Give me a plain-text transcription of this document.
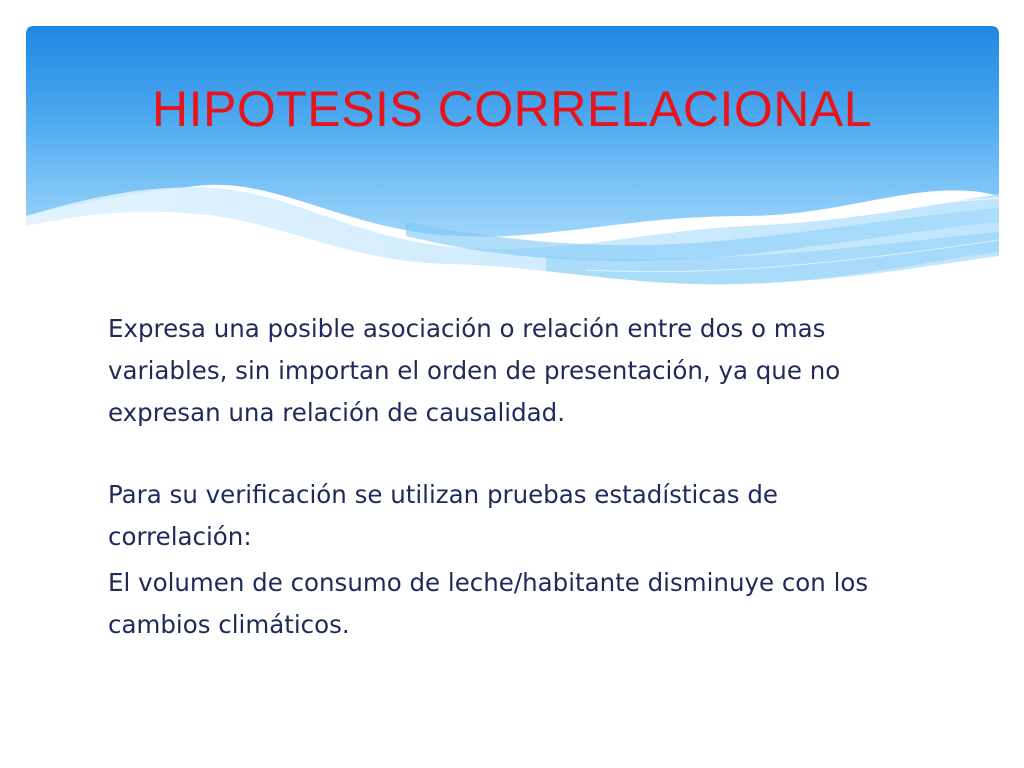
HIPOTESIS CORRELACIONAL

Expresa una posible asociación o relación entre dos o mas variables, sin importan el orden de presentación, ya que no expresan una relación de causalidad.

Para su verificación se utilizan pruebas estadísticas de correlación:

El volumen de consumo de leche/habitante disminuye con los cambios climáticos.
